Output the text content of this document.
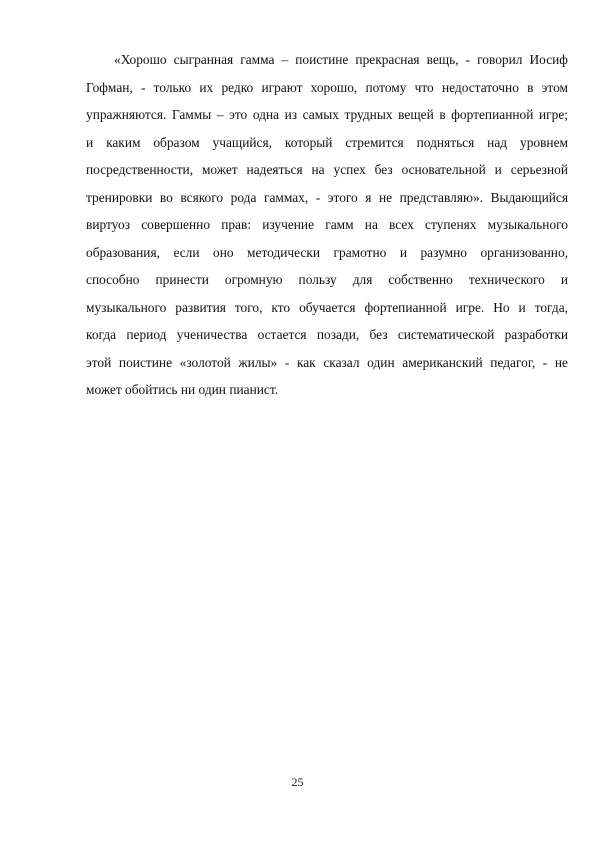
«Хорошо сыгранная гамма – поистине прекрасная вещь, - говорил Иосиф
Гофман, - только их редко играют хорошо, потому что недостаточно в этом
упражняются. Гаммы – это одна из самых трудных вещей в фортепианной игре;
и каким образом учащийся, который стремится подняться над уровнем
посредственности, может надеяться на успех без основательной и серьезной
тренировки во всякого рода гаммах, - этого я не представляю». Выдающийся
виртуоз совершенно прав: изучение гамм на всех ступенях музыкального
образования, если оно методически грамотно и разумно организованно,
способно принести огромную пользу для собственно технического и
музыкального развития того, кто обучается фортепианной игре. Но и тогда,
когда период ученичества остается позади, без систематической разработки
этой поистине «золотой жилы» - как сказал один американский педагог, - не
может обойтись ни один пианист.
25
